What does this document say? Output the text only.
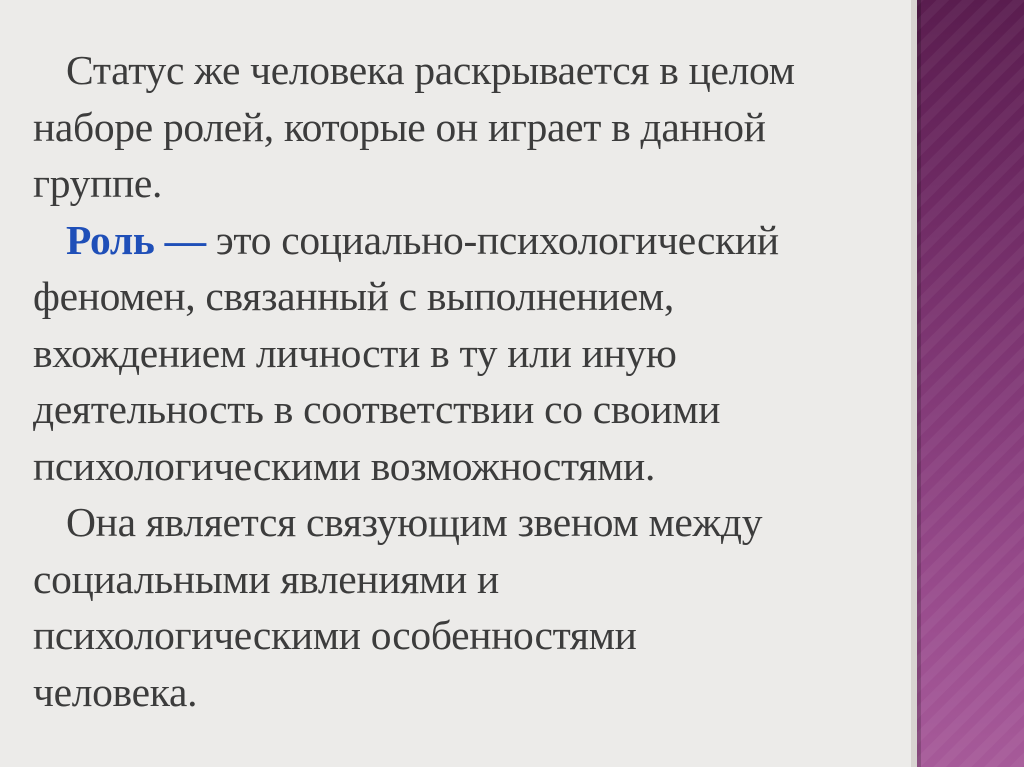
Статус же человека раскрывается в целом
наборе ролей, которые он играет в данной
группе.
Роль — это социально-психологический
феномен, связанный с выполнением,
вхождением личности в ту или иную
деятельность в соответствии со своими
психологическими возможностями.
Она является связующим звеном между
социальными явлениями и
психологическими особенностями
человека.
